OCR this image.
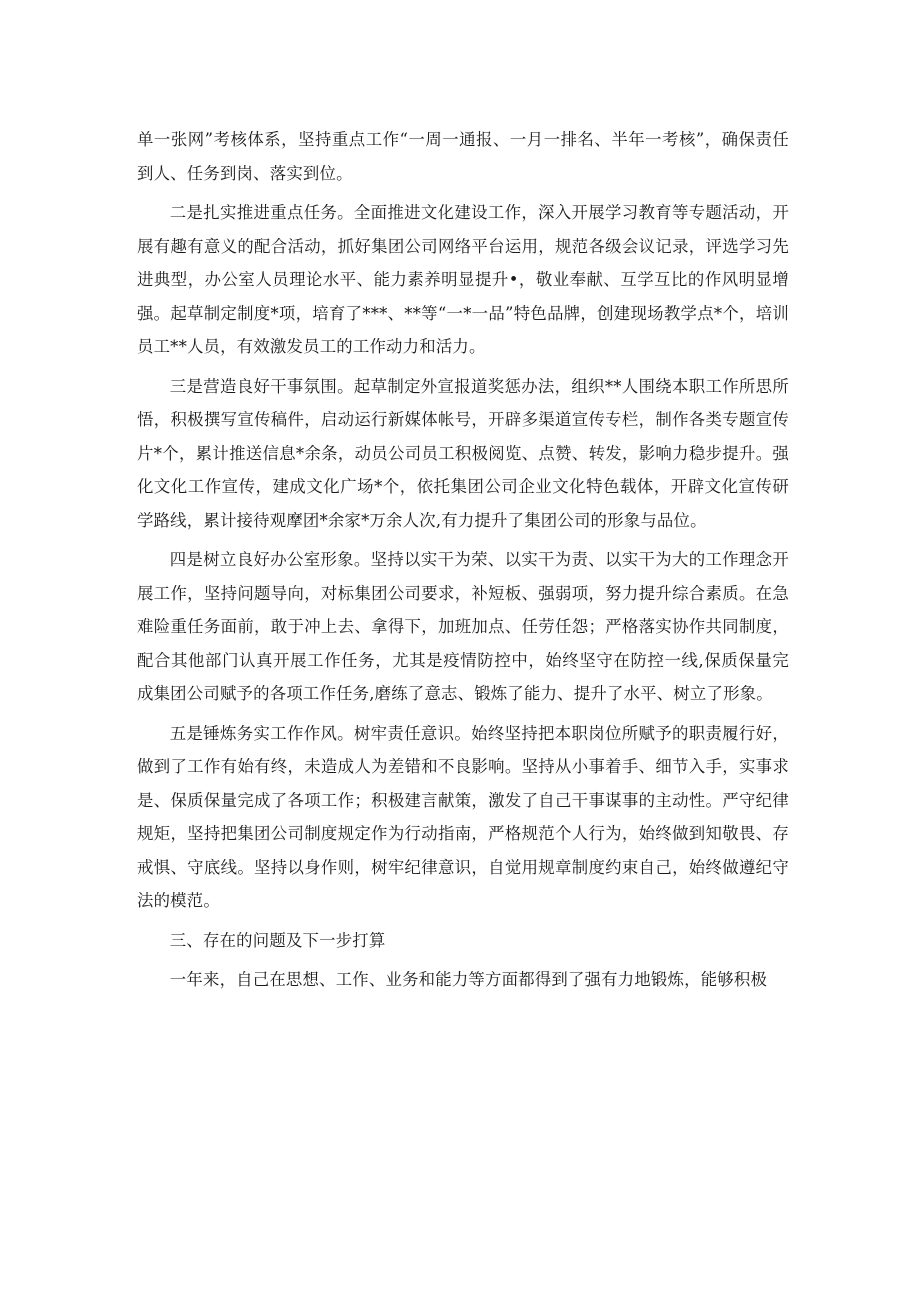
单一张网”考核体系，坚持重点工作“一周一通报、一月一排名、半年一考核”，确保责任到人、任务到岗、落实到位。

二是扎实推进重点任务。全面推进文化建设工作，深入开展学习教育等专题活动，开展有趣有意义的配合活动，抓好集团公司网络平台运用，规范各级会议记录，评选学习先进典型，办公室人员理论水平、能力素养明显提升•，敬业奉献、互学互比的作风明显增强。起草制定制度*项，培育了***、**等“一*一品”特色品牌，创建现场教学点*个，培训员工**人员，有效激发员工的工作动力和活力。

三是营造良好干事氛围。起草制定外宣报道奖惩办法，组织**人围绕本职工作所思所悟，积极撰写宣传稿件，启动运行新媒体帐号，开辟多渠道宣传专栏，制作各类专题宣传片*个，累计推送信息*余条，动员公司员工积极阅览、点赞、转发，影响力稳步提升。强化文化工作宣传，建成文化广场*个，依托集团公司企业文化特色载体，开辟文化宣传研学路线，累计接待观摩团*余家*万余人次,有力提升了集团公司的形象与品位。

四是树立良好办公室形象。坚持以实干为荣、以实干为责、以实干为大的工作理念开展工作，坚持问题导向，对标集团公司要求，补短板、强弱项，努力提升综合素质。在急难险重任务面前，敢于冲上去、拿得下，加班加点、任劳任怨；严格落实协作共同制度，配合其他部门认真开展工作任务，尤其是疫情防控中，始终坚守在防控一线,保质保量完成集团公司赋予的各项工作任务,磨练了意志、锻炼了能力、提升了水平、树立了形象。

五是锤炼务实工作作风。树牢责任意识。始终坚持把本职岗位所赋予的职责履行好，做到了工作有始有终，未造成人为差错和不良影响。坚持从小事着手、细节入手，实事求是、保质保量完成了各项工作；积极建言献策，激发了自己干事谋事的主动性。严守纪律规矩，坚持把集团公司制度规定作为行动指南，严格规范个人行为，始终做到知敬畏、存戒惧、守底线。坚持以身作则，树牢纪律意识，自觉用规章制度约束自己，始终做遵纪守法的模范。

三、存在的问题及下一步打算

一年来，自己在思想、工作、业务和能力等方面都得到了强有力地锻炼，能够积极
